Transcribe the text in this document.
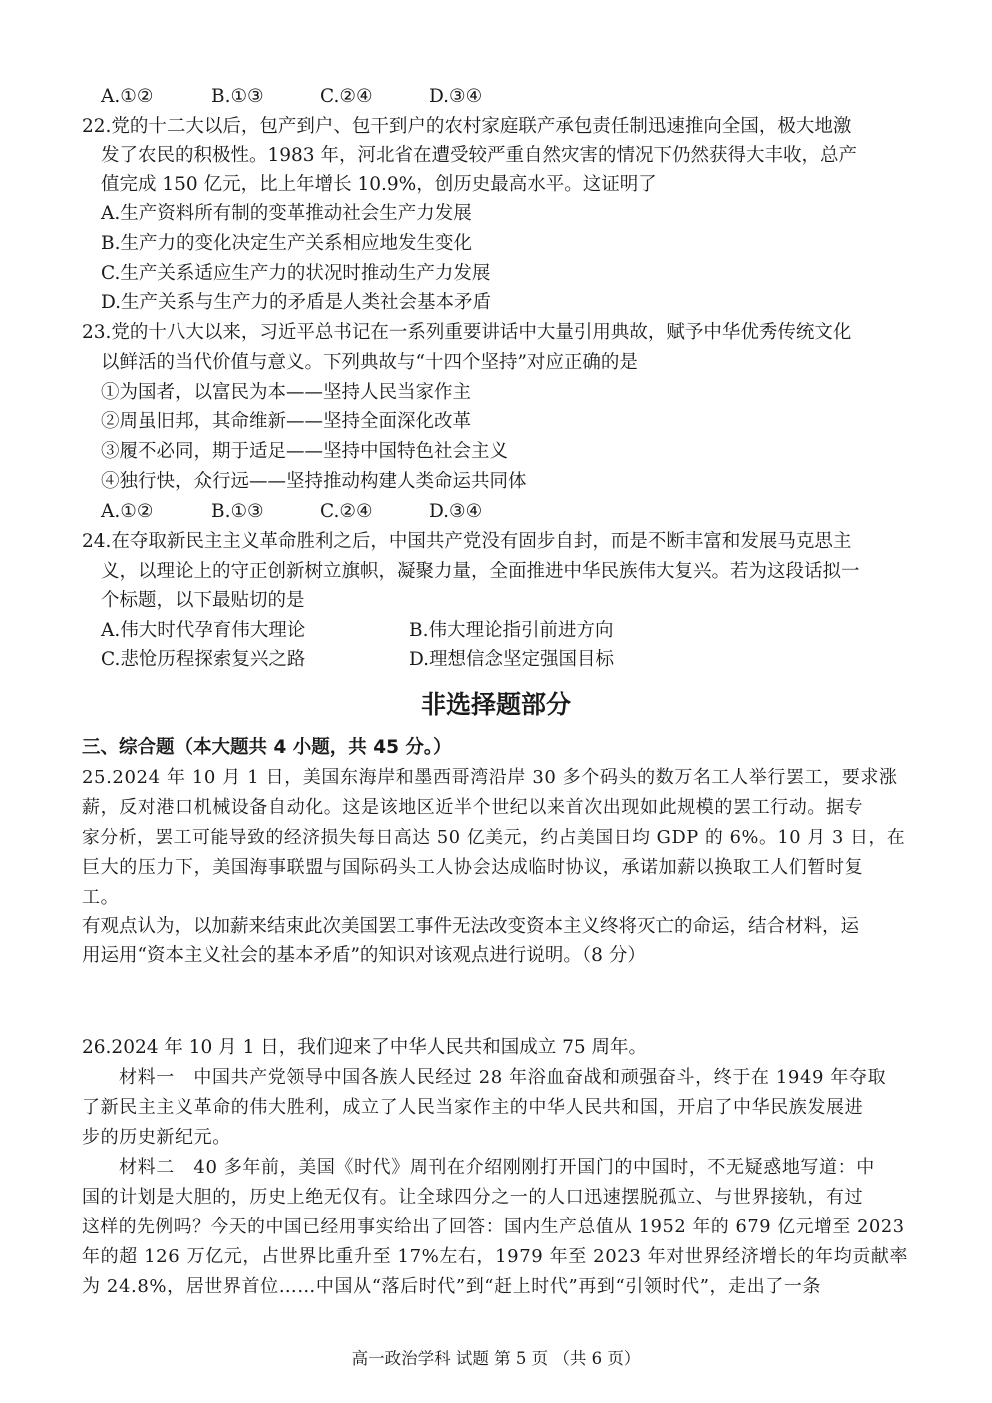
A.①②	B.①③	C.②④	D.③④
22.党的十二大以后，包产到户、包干到户的农村家庭联产承包责任制迅速推向全国，极大地激
发了农民的积极性。1983 年，河北省在遭受较严重自然灾害的情况下仍然获得大丰收，总产
值完成 150 亿元，比上年增长 10.9%，创历史最高水平。这证明了
A.生产资料所有制的变革推动社会生产力发展
B.生产力的变化决定生产关系相应地发生变化
C.生产关系适应生产力的状况时推动生产力发展
D.生产关系与生产力的矛盾是人类社会基本矛盾
23.党的十八大以来，习近平总书记在一系列重要讲话中大量引用典故，赋予中华优秀传统文化
以鲜活的当代价值与意义。下列典故与“十四个坚持”对应正确的是
①为国者，以富民为本——坚持人民当家作主
②周虽旧邦，其命维新——坚持全面深化改革
③履不必同，期于适足——坚持中国特色社会主义
④独行快，众行远——坚持推动构建人类命运共同体
A.①②	B.①③	C.②④	D.③④
24.在夺取新民主主义革命胜利之后，中国共产党没有固步自封，而是不断丰富和发展马克思主
义，以理论上的守正创新树立旗帜，凝聚力量，全面推进中华民族伟大复兴。若为这段话拟一
个标题，以下最贴切的是
A.伟大时代孕育伟大理论	B.伟大理论指引前进方向
C.悲怆历程探索复兴之路	D.理想信念坚定强国目标
非选择题部分
三、综合题（本大题共 4 小题，共 45 分。）
25.2024 年 10 月 1 日，美国东海岸和墨西哥湾沿岸 30 多个码头的数万名工人举行罢工，要求涨
薪，反对港口机械设备自动化。这是该地区近半个世纪以来首次出现如此规模的罢工行动。据专
家分析，罢工可能导致的经济损失每日高达 50 亿美元，约占美国日均 GDP 的 6%。10 月 3 日，在
巨大的压力下，美国海事联盟与国际码头工人协会达成临时协议，承诺加薪以换取工人们暂时复
工。
有观点认为，以加薪来结束此次美国罢工事件无法改变资本主义终将灭亡的命运，结合材料，运
用运用“资本主义社会的基本矛盾”的知识对该观点进行说明。（8 分）
26.2024 年 10 月 1 日，我们迎来了中华人民共和国成立 75 周年。
材料一　中国共产党领导中国各族人民经过 28 年浴血奋战和顽强奋斗，终于在 1949 年夺取
了新民主主义革命的伟大胜利，成立了人民当家作主的中华人民共和国，开启了中华民族发展进
步的历史新纪元。
材料二　40 多年前，美国《时代》周刊在介绍刚刚打开国门的中国时，不无疑惑地写道：中
国的计划是大胆的，历史上绝无仅有。让全球四分之一的人口迅速摆脱孤立、与世界接轨，有过
这样的先例吗？今天的中国已经用事实给出了回答：国内生产总值从 1952 年的 679 亿元增至 2023
年的超 126 万亿元，占世界比重升至 17%左右，1979 年至 2023 年对世界经济增长的年均贡献率
为 24.8%，居世界首位……中国从“落后时代”到“赶上时代”再到“引领时代”，走出了一条
高一政治学科 试题 第 5 页 （共 6 页）
